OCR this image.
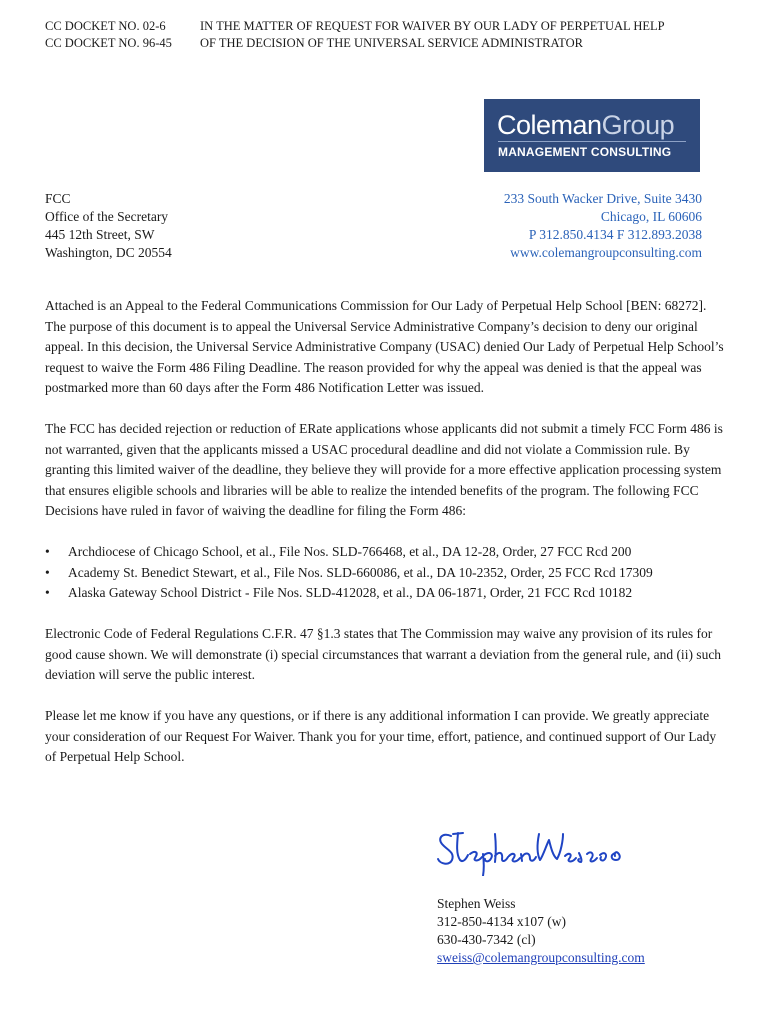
CC DOCKET NO. 02-6	IN THE MATTER OF REQUEST FOR WAIVER BY OUR LADY OF PERPETUAL HELP
CC DOCKET NO. 96-45	OF THE DECISION OF THE UNIVERSAL SERVICE ADMINISTRATOR
ColemanGroup
MANAGEMENT CONSULTING
FCC
Office of the Secretary
445 12th Street, SW
Washington, DC 20554
233 South Wacker Drive, Suite 3430
Chicago, IL 60606
P 312.850.4134 F 312.893.2038
www.colemangroupconsulting.com

Attached is an Appeal to the Federal Communications Commission for Our Lady of Perpetual Help School [BEN: 68272]. The purpose of this document is to appeal the Universal Service Administrative Company’s decision to deny our original appeal. In this decision, the Universal Service Administrative Company (USAC) denied Our Lady of Perpetual Help School’s request to waive the Form 486 Filing Deadline. The reason provided for why the appeal was denied is that the appeal was postmarked more than 60 days after the Form 486 Notification Letter was issued.

The FCC has decided rejection or reduction of ERate applications whose applicants did not submit a timely FCC Form 486 is not warranted, given that the applicants missed a USAC procedural deadline and did not violate a Commission rule. By granting this limited waiver of the deadline, they believe they will provide for a more effective application processing system that ensures eligible schools and libraries will be able to realize the intended benefits of the program. The following FCC Decisions have ruled in favor of waiving the deadline for filing the Form 486:

•	Archdiocese of Chicago School, et al., File Nos. SLD-766468, et al., DA 12-28, Order, 27 FCC Rcd 200
•	Academy St. Benedict Stewart, et al., File Nos. SLD-660086, et al., DA 10-2352, Order, 25 FCC Rcd 17309
•	Alaska Gateway School District - File Nos. SLD-412028, et al., DA 06-1871, Order, 21 FCC Rcd 10182

Electronic Code of Federal Regulations C.F.R. 47 §1.3 states that The Commission may waive any provision of its rules for good cause shown. We will demonstrate (i) special circumstances that warrant a deviation from the general rule, and (ii) such deviation will serve the public interest.

Please let me know if you have any questions, or if there is any additional information I can provide. We greatly appreciate your consideration of our Request For Waiver. Thank you for your time, effort, patience, and continued support of Our Lady of Perpetual Help School.

Stephen Weiss
312-850-4134 x107 (w)
630-430-7342 (cl)
sweiss@colemangroupconsulting.com
